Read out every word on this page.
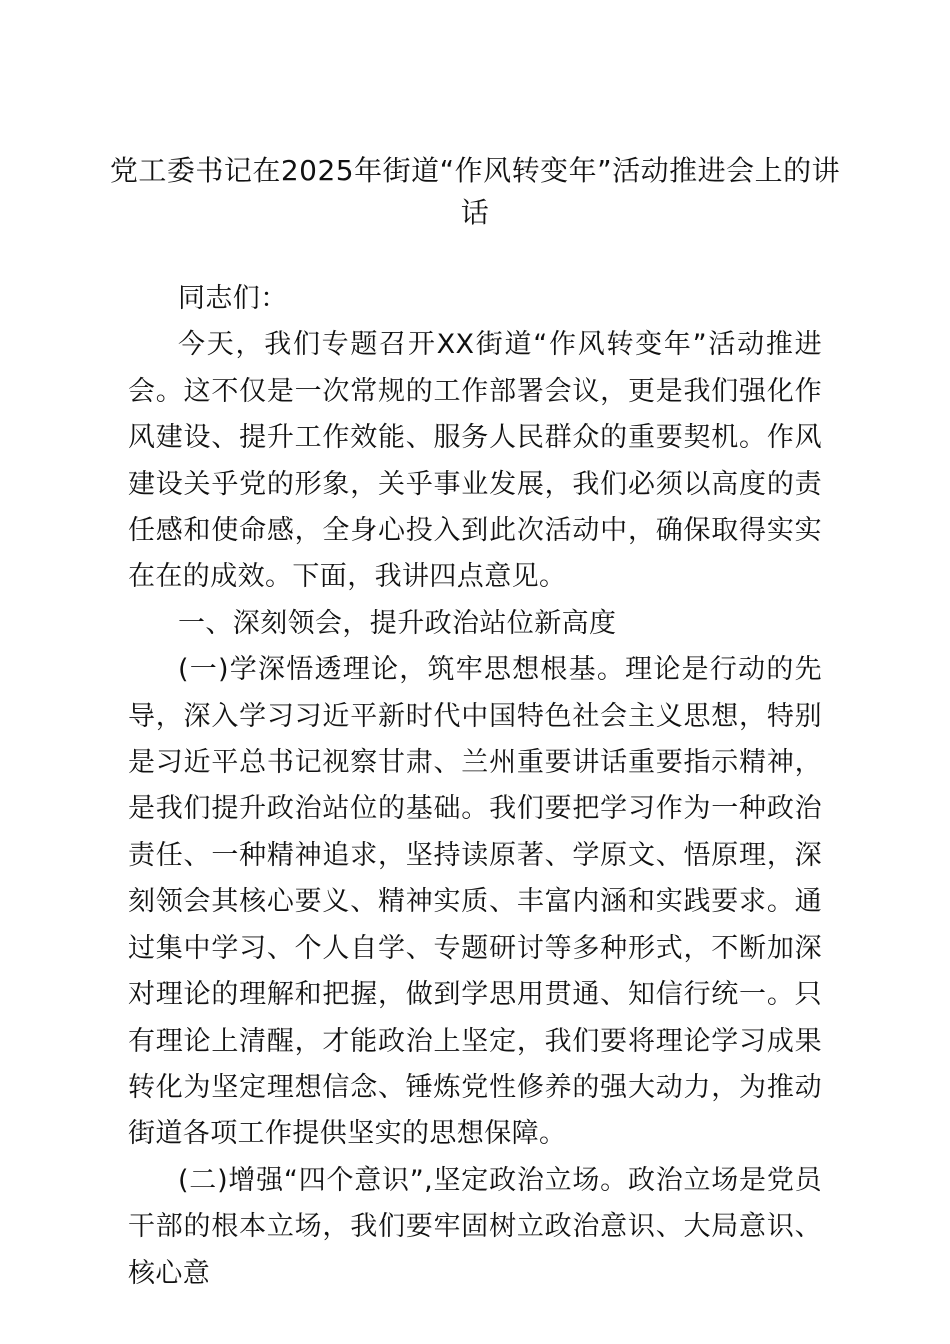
党工委书记在2025年街道“作风转变年”活动推进会上的讲话

同志们：

今天，我们专题召开XX街道“作风转变年”活动推进会。这不仅是一次常规的工作部署会议，更是我们强化作风建设、提升工作效能、服务人民群众的重要契机。作风建设关乎党的形象，关乎事业发展，我们必须以高度的责任感和使命感，全身心投入到此次活动中，确保取得实实在在的成效。下面，我讲四点意见。

一、深刻领会，提升政治站位新高度

(一)学深悟透理论，筑牢思想根基。理论是行动的先导，深入学习习近平新时代中国特色社会主义思想，特别是习近平总书记视察甘肃、兰州重要讲话重要指示精神，是我们提升政治站位的基础。我们要把学习作为一种政治责任、一种精神追求，坚持读原著、学原文、悟原理，深刻领会其核心要义、精神实质、丰富内涵和实践要求。通过集中学习、个人自学、专题研讨等多种形式，不断加深对理论的理解和把握，做到学思用贯通、知信行统一。只有理论上清醒，才能政治上坚定，我们要将理论学习成果转化为坚定理想信念、锤炼党性修养的强大动力，为推动街道各项工作提供坚实的思想保障。

(二)增强“四个意识”,坚定政治立场。政治立场是党员干部的根本立场，我们要牢固树立政治意识、大局意识、核心意
